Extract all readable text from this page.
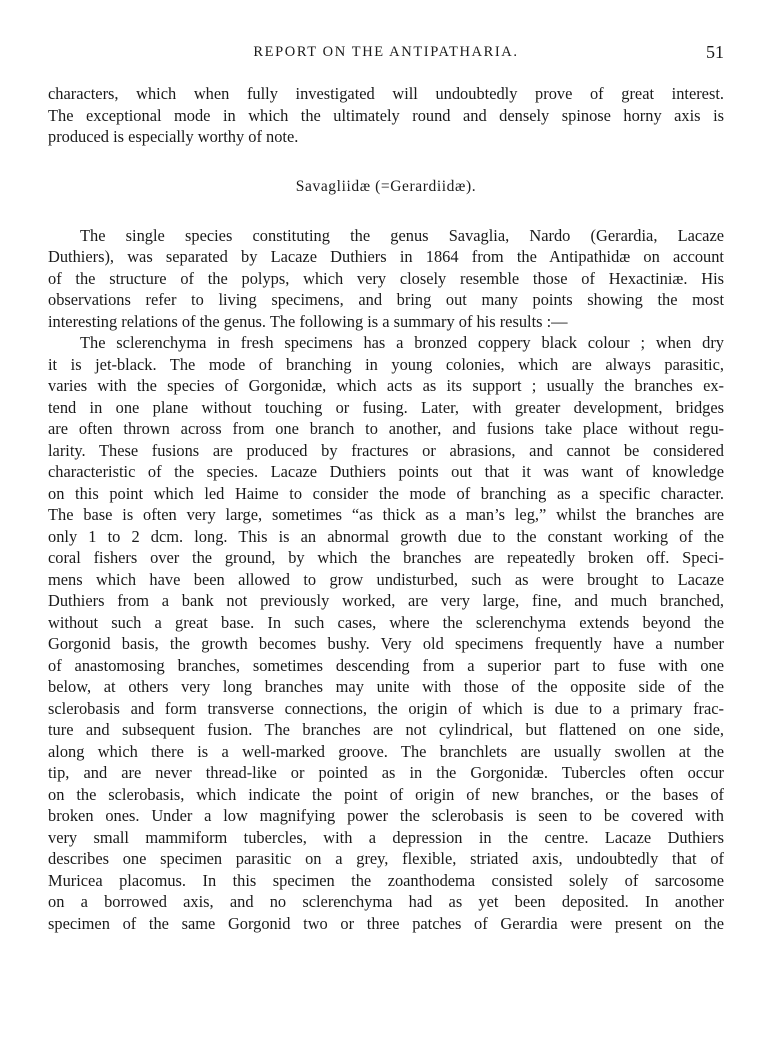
REPORT ON THE ANTIPATHARIA.	51
characters, which when fully investigated will undoubtedly prove of great interest.
The exceptional mode in which the ultimately round and densely spinose horny axis is
produced is especially worthy of note.
Savagliidæ (=Gerardiidæ).
The single species constituting the genus Savaglia, Nardo (Gerardia, Lacaze
Duthiers), was separated by Lacaze Duthiers in 1864 from the Antipathidæ on account
of the structure of the polyps, which very closely resemble those of Hexactiniæ. His
observations refer to living specimens, and bring out many points showing the most
interesting relations of the genus. The following is a summary of his results :—
The sclerenchyma in fresh specimens has a bronzed coppery black colour ; when dry
it is jet-black. The mode of branching in young colonies, which are always parasitic,
varies with the species of Gorgonidæ, which acts as its support ; usually the branches ex-
tend in one plane without touching or fusing. Later, with greater development, bridges
are often thrown across from one branch to another, and fusions take place without regu-
larity. These fusions are produced by fractures or abrasions, and cannot be considered
characteristic of the species. Lacaze Duthiers points out that it was want of knowledge
on this point which led Haime to consider the mode of branching as a specific character.
The base is often very large, sometimes “as thick as a man’s leg,” whilst the branches are
only 1 to 2 dcm. long. This is an abnormal growth due to the constant working of the
coral fishers over the ground, by which the branches are repeatedly broken off. Speci-
mens which have been allowed to grow undisturbed, such as were brought to Lacaze
Duthiers from a bank not previously worked, are very large, fine, and much branched,
without such a great base. In such cases, where the sclerenchyma extends beyond the
Gorgonid basis, the growth becomes bushy. Very old specimens frequently have a number
of anastomosing branches, sometimes descending from a superior part to fuse with one
below, at others very long branches may unite with those of the opposite side of the
sclerobasis and form transverse connections, the origin of which is due to a primary frac-
ture and subsequent fusion. The branches are not cylindrical, but flattened on one side,
along which there is a well-marked groove. The branchlets are usually swollen at the
tip, and are never thread-like or pointed as in the Gorgonidæ. Tubercles often occur
on the sclerobasis, which indicate the point of origin of new branches, or the bases of
broken ones. Under a low magnifying power the sclerobasis is seen to be covered with
very small mammiform tubercles, with a depression in the centre. Lacaze Duthiers
describes one specimen parasitic on a grey, flexible, striated axis, undoubtedly that of
Muricea placomus. In this specimen the zoanthodema consisted solely of sarcosome
on a borrowed axis, and no sclerenchyma had as yet been deposited. In another
specimen of the same Gorgonid two or three patches of Gerardia were present on the
